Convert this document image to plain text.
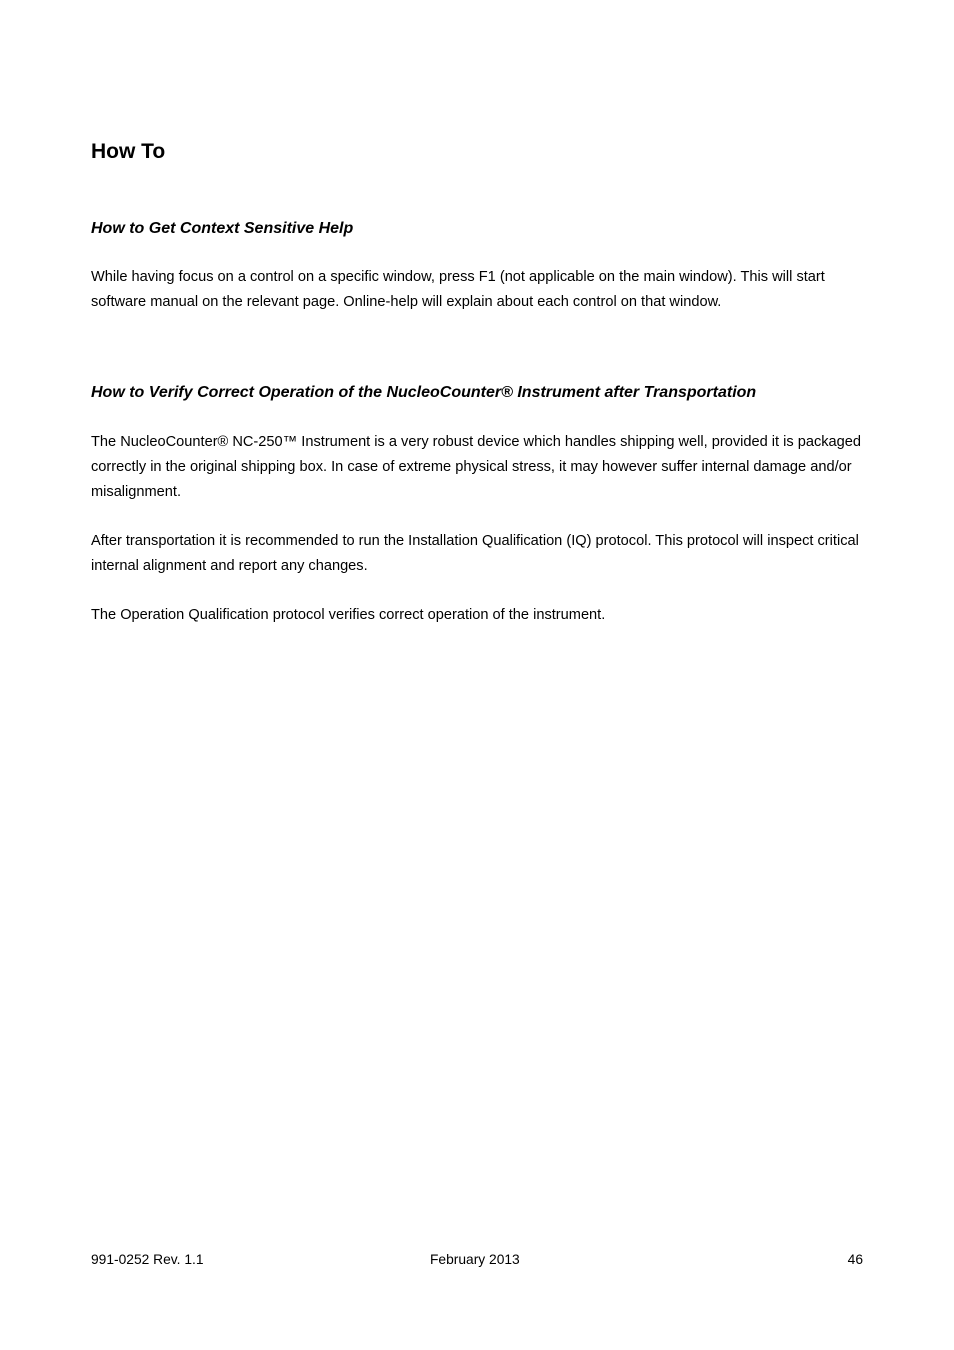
How To
How to Get Context Sensitive Help

While having focus on a control on a specific window, press F1 (not applicable on the main window). This will start software manual on the relevant page. Online-help will explain about each control on that window.

How to Verify Correct Operation of the NucleoCounter® Instrument after Transportation

The NucleoCounter® NC-250™ Instrument is a very robust device which handles shipping well, provided it is packaged correctly in the original shipping box. In case of extreme physical stress, it may however suffer internal damage and/or misalignment.

After transportation it is recommended to run the Installation Qualification (IQ) protocol. This protocol will inspect critical internal alignment and report any changes.

The Operation Qualification protocol verifies correct operation of the instrument.

991-0252 Rev. 1.1	February 2013	46
